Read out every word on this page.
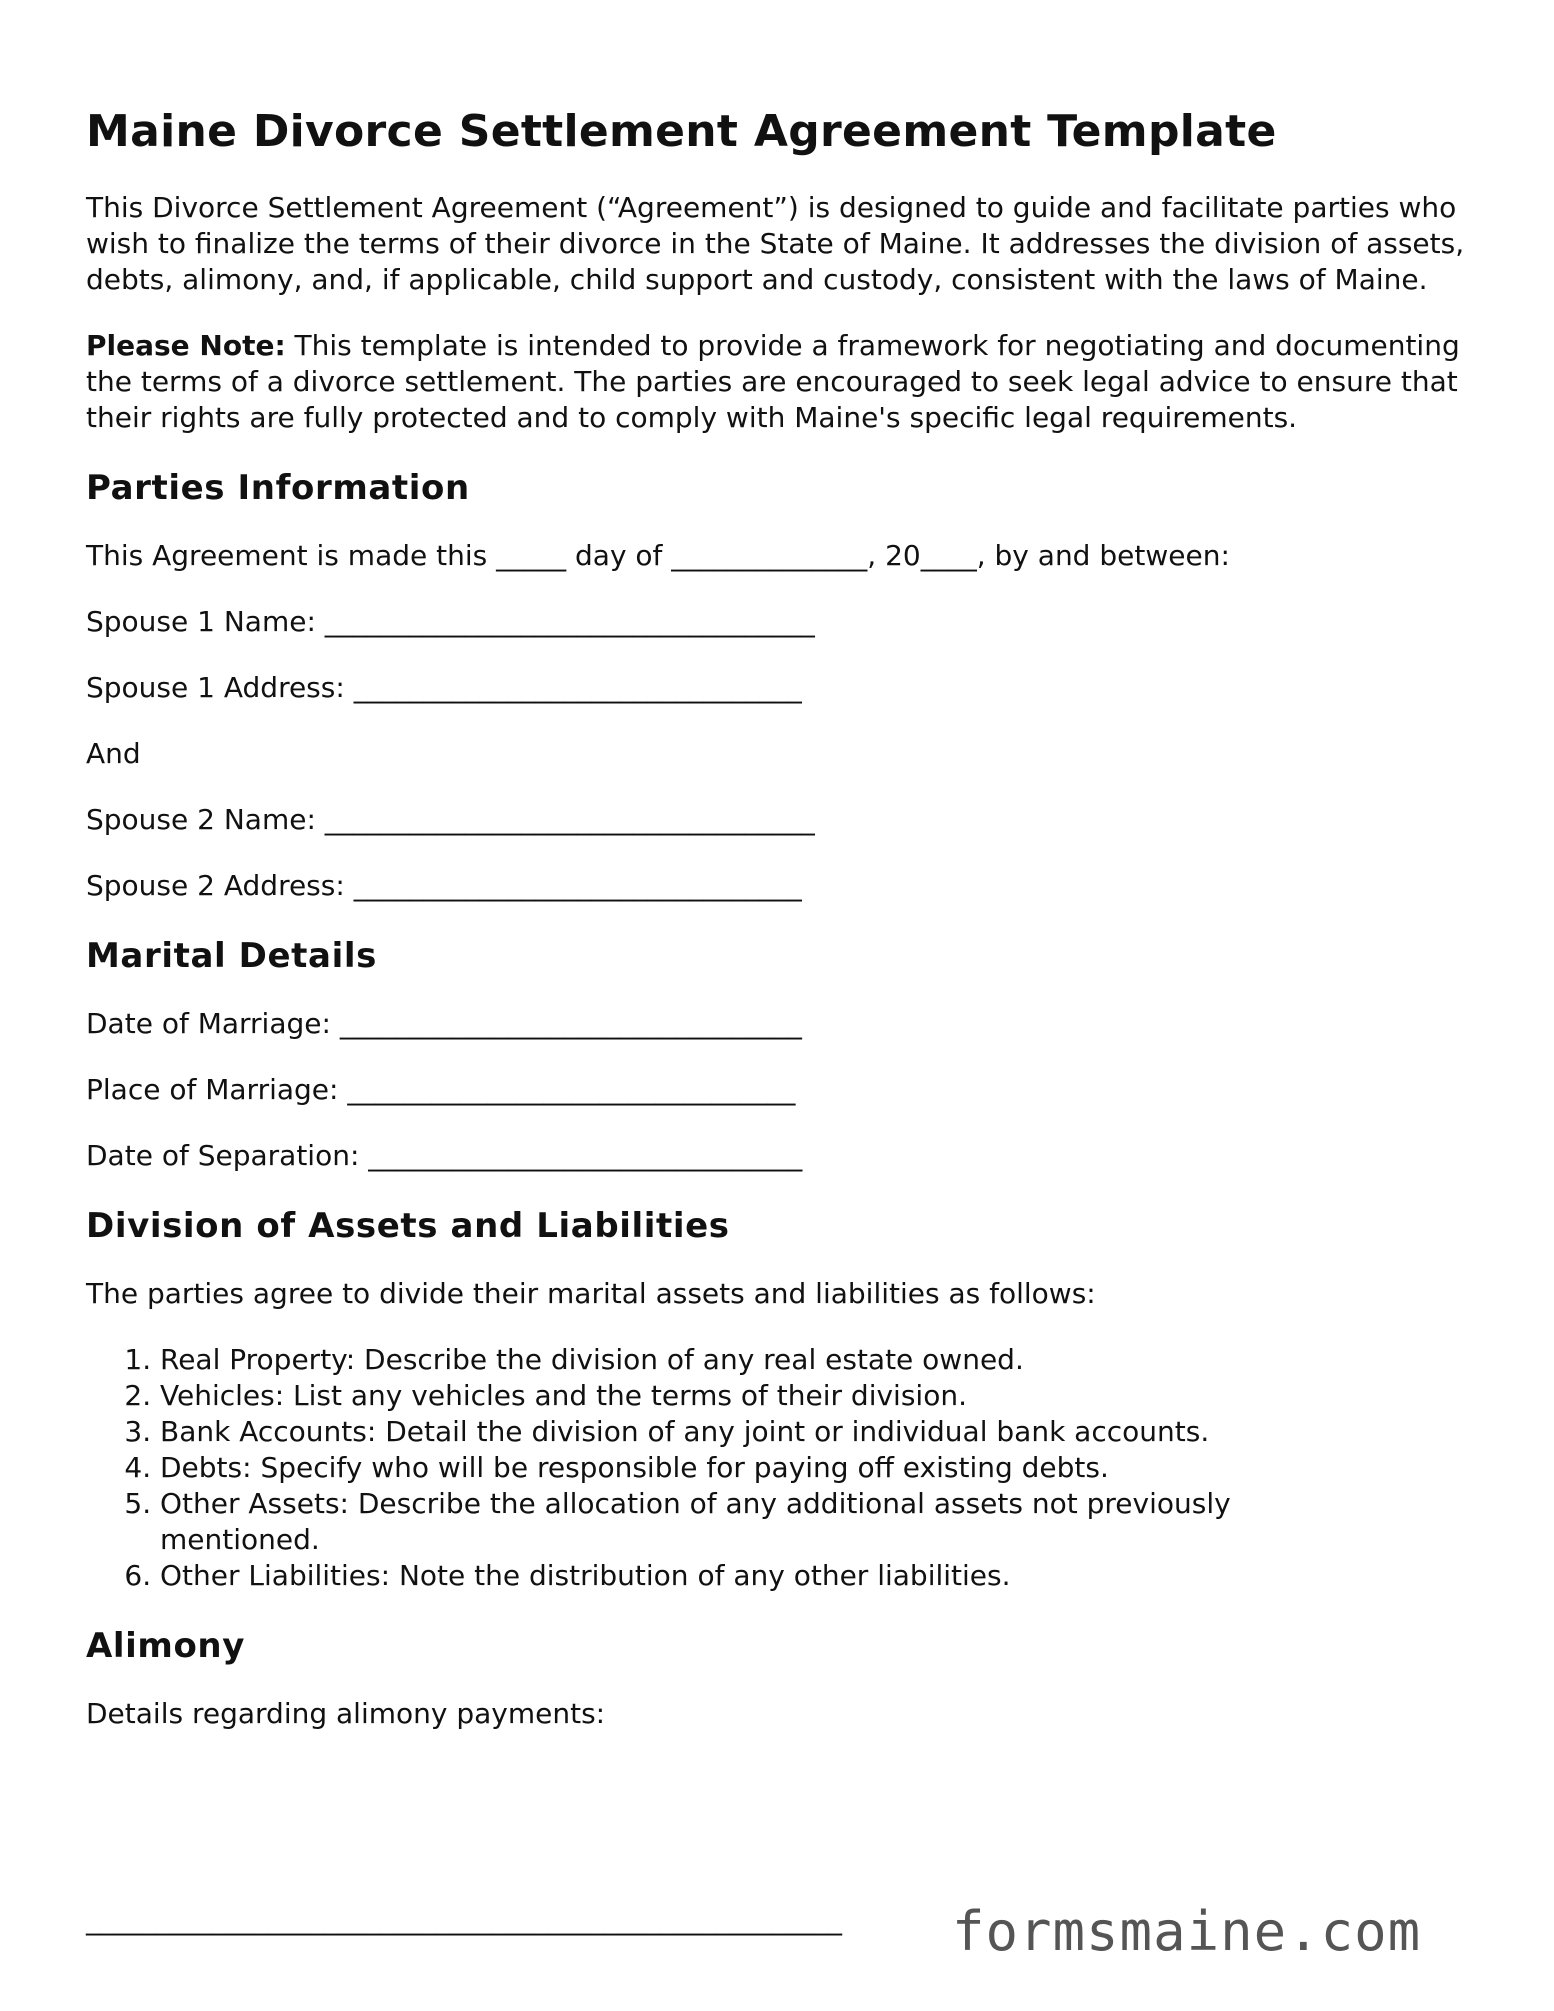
Maine Divorce Settlement Agreement Template

This Divorce Settlement Agreement (“Agreement”) is designed to guide and facilitate parties who wish to finalize the terms of their divorce in the State of Maine. It addresses the division of assets, debts, alimony, and, if applicable, child support and custody, consistent with the laws of Maine.

Please Note: This template is intended to provide a framework for negotiating and documenting the terms of a divorce settlement. The parties are encouraged to seek legal advice to ensure that their rights are fully protected and to comply with Maine's specific legal requirements.

Parties Information
This Agreement is made this _____ day of ______________, 20____, by and between:
Spouse 1 Name: ___________________________________
Spouse 1 Address: ________________________________
And
Spouse 2 Name: ___________________________________
Spouse 2 Address: ________________________________
Marital Details
Date of Marriage: _________________________________
Place of Marriage: ________________________________
Date of Separation: _______________________________
Division of Assets and Liabilities

The parties agree to divide their marital assets and liabilities as follows:

1. Real Property: Describe the division of any real estate owned.
2. Vehicles: List any vehicles and the terms of their division.
3. Bank Accounts: Detail the division of any joint or individual bank accounts.
4. Debts: Specify who will be responsible for paying off existing debts.
5. Other Assets: Describe the allocation of any additional assets not previously mentioned.
6. Other Liabilities: Note the distribution of any other liabilities.
Alimony
Details regarding alimony payments:
______________________________________________________ formsmaine.com
